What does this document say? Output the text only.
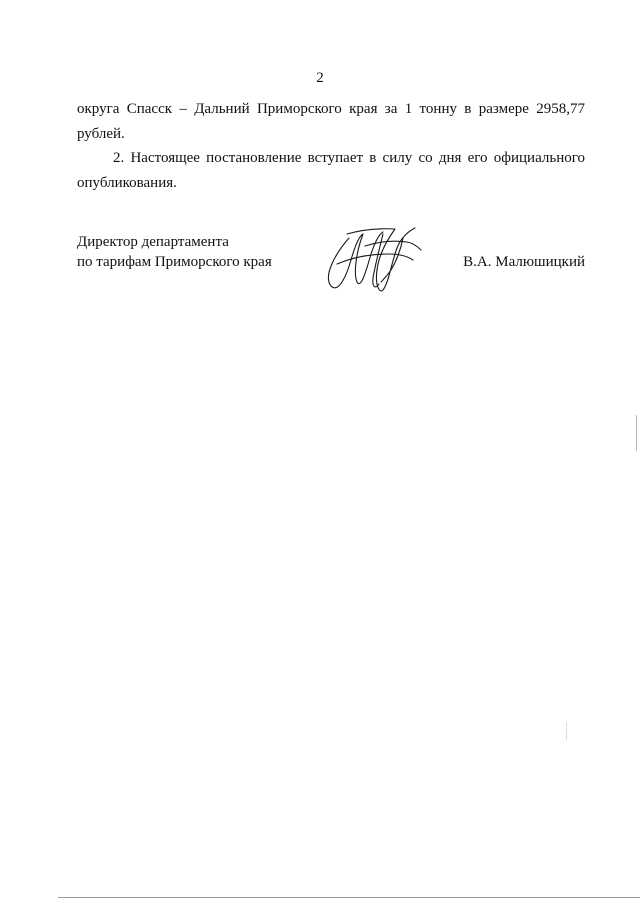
2

округа Спасск – Дальний Приморского края за 1 тонну в размере 2958,77
рублей.

2. Настоящее постановление вступает в силу со дня его официального
опубликования.

Директор департамента
по тарифам Приморского края	В.А. Малюшицкий
